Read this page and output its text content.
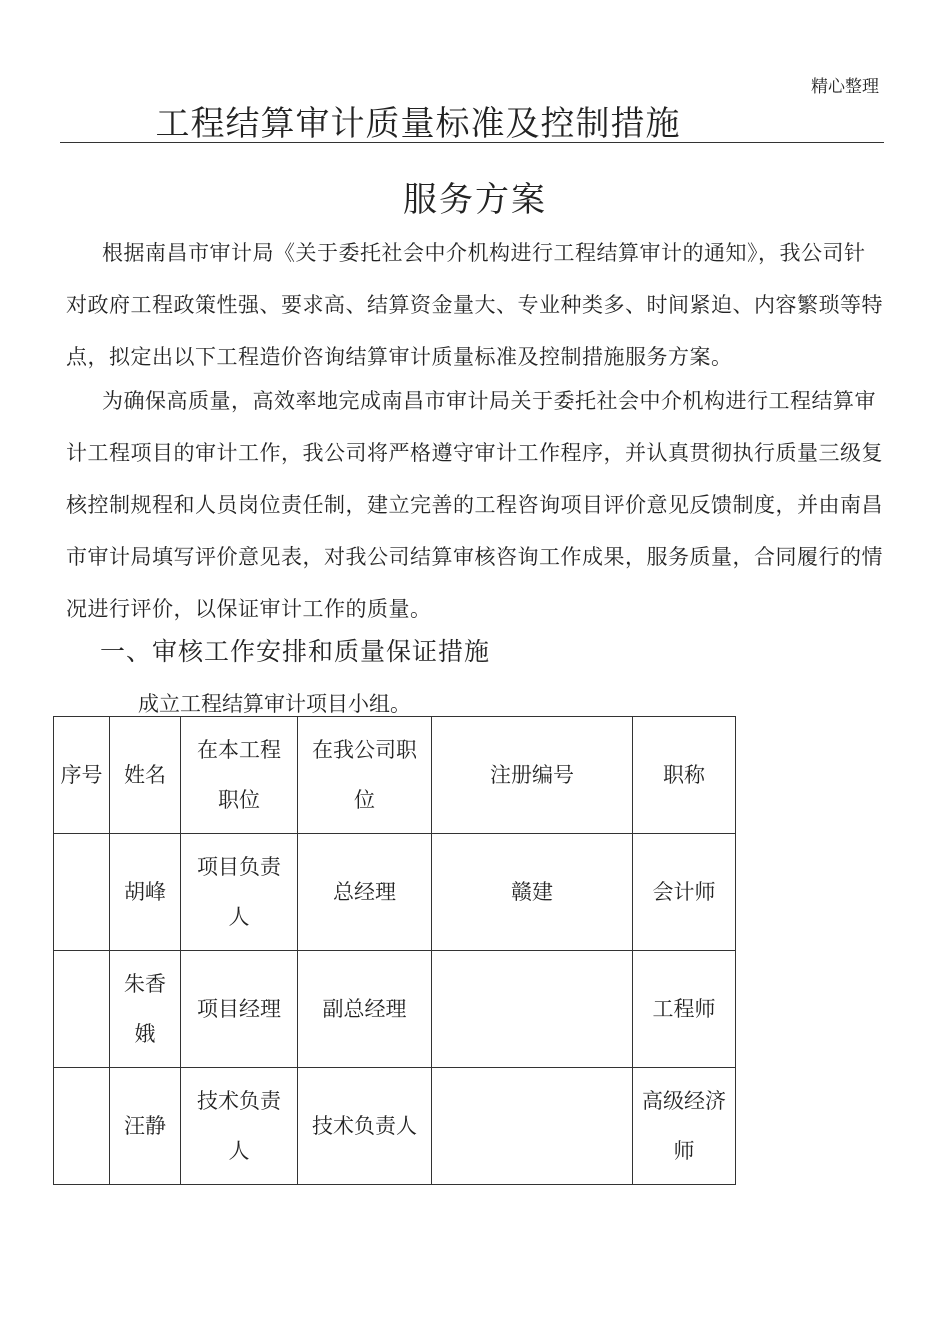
精心整理
工程结算审计质量标准及控制措施
服务方案
根据南昌市审计局《关于委托社会中介机构进行工程结算审计的通知》，我公司针对政府工程政策性强、要求高、结算资金量大、专业种类多、时间紧迫、内容繁琐等特点，拟定出以下工程造价咨询结算审计质量标准及控制措施服务方案。
为确保高质量，高效率地完成南昌市审计局关于委托社会中介机构进行工程结算审计工程项目的审计工作，我公司将严格遵守审计工作程序，并认真贯彻执行质量三级复核控制规程和人员岗位责任制，建立完善的工程咨询项目评价意见反馈制度，并由南昌市审计局填写评价意见表，对我公司结算审核咨询工作成果，服务质量，合同履行的情况进行评价，以保证审计工作的质量。
一、审核工作安排和质量保证措施
成立工程结算审计项目小组。
序号	姓名	在本工程职位	在我公司职位	注册编号	职称
	胡峰	项目负责人	总经理	赣建	会计师
	朱香娥	项目经理	副总经理		工程师
	汪静	技术负责人	技术负责人		高级经济师
